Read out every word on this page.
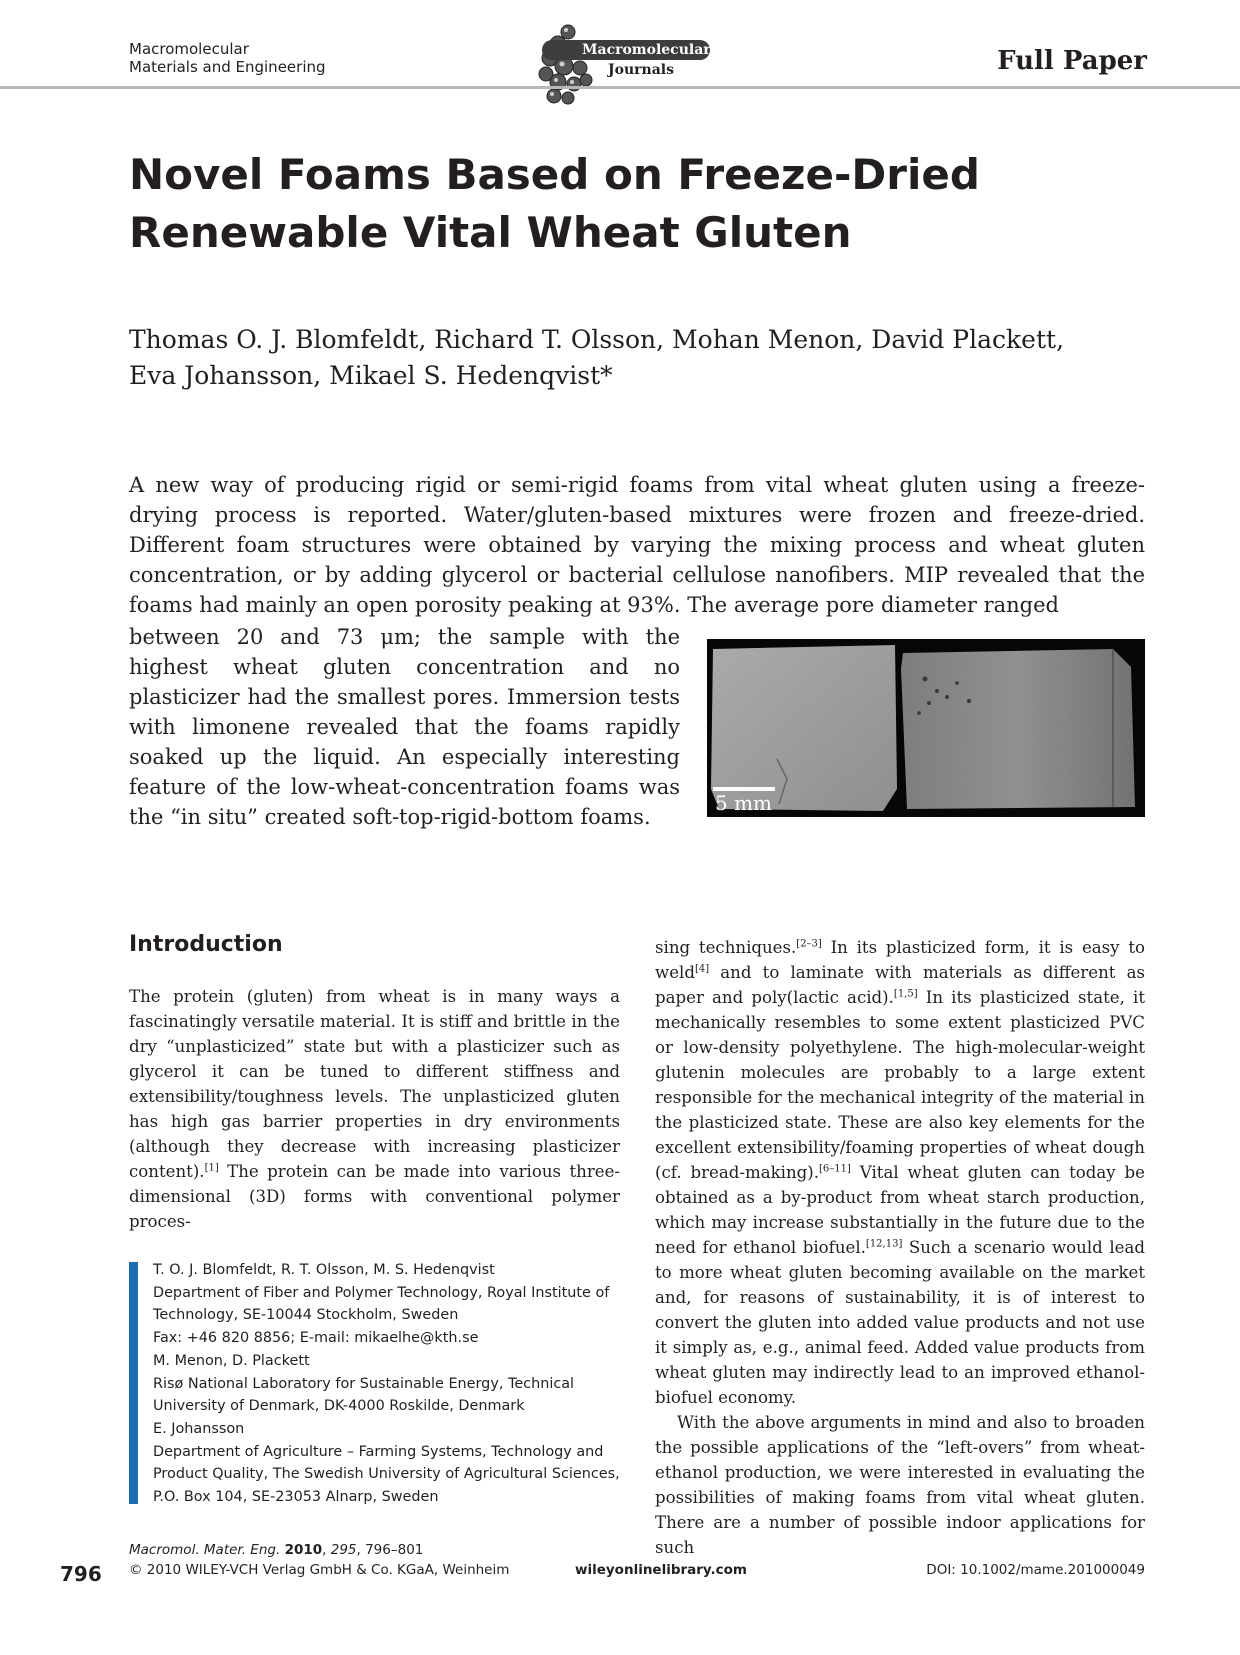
Macromolecular
Materials and Engineering
Macromolecular
Journals	Full Paper
Novel Foams Based on Freeze-Dried Renewable Vital Wheat Gluten
Thomas O. J. Blomfeldt, Richard T. Olsson, Mohan Menon, David Plackett,
Eva Johansson, Mikael S. Hedenqvist*
A new way of producing rigid or semi-rigid foams from vital wheat gluten using a freeze-drying process is reported. Water/gluten-based mixtures were frozen and freeze-dried. Different foam structures were obtained by varying the mixing process and wheat gluten concentration, or by adding glycerol or bacterial cellulose nanofibers. MIP revealed that the foams had mainly an open porosity peaking at 93%. The average pore diameter ranged
between 20 and 73 μm; the sample with the highest wheat gluten concentration and no plasticizer had the smallest pores. Immersion tests with limonene revealed that the foams rapidly soaked up the liquid. An especially interesting feature of the low-wheat-concentration foams was the “in situ” created soft-top-rigid-bottom foams.
5 mm
Introduction

The protein (gluten) from wheat is in many ways a fascinatingly versatile material. It is stiff and brittle in the dry “unplasticized” state but with a plasticizer such as glycerol it can be tuned to different stiffness and extensibility/toughness levels. The unplasticized gluten has high gas barrier properties in dry environments (although they decrease with increasing plasticizer content).[1] The protein can be made into various three-dimensional (3D) forms with conventional polymer proces-

sing techniques.[2–3] In its plasticized form, it is easy to weld[4] and to laminate with materials as different as paper and poly(lactic acid).[1,5] In its plasticized state, it mechanically resembles to some extent plasticized PVC or low-density polyethylene. The high-molecular-weight glutenin molecules are probably to a large extent responsible for the mechanical integrity of the material in the plasticized state. These are also key elements for the excellent extensibility/foaming properties of wheat dough (cf. bread-making).[6–11] Vital wheat gluten can today be obtained as a by-product from wheat starch production, which may increase substantially in the future due to the need for ethanol biofuel.[12,13] Such a scenario would lead to more wheat gluten becoming available on the market and, for reasons of sustainability, it is of interest to convert the gluten into added value products and not use it simply as, e.g., animal feed. Added value products from wheat gluten may indirectly lead to an improved ethanol-biofuel economy.

With the above arguments in mind and also to broaden the possible applications of the “left-overs” from wheat-ethanol production, we were interested in evaluating the possibilities of making foams from vital wheat gluten. There are a number of possible indoor applications for such

T. O. J. Blomfeldt, R. T. Olsson, M. S. Hedenqvist
Department of Fiber and Polymer Technology, Royal Institute of
Technology, SE-10044 Stockholm, Sweden
Fax: +46 820 8856; E-mail: mikaelhe@kth.se
M. Menon, D. Plackett
Risø National Laboratory for Sustainable Energy, Technical
University of Denmark, DK-4000 Roskilde, Denmark
E. Johansson
Department of Agriculture – Farming Systems, Technology and
Product Quality, The Swedish University of Agricultural Sciences,
P.O. Box 104, SE-23053 Alnarp, Sweden
796
Macromol. Mater. Eng. 2010, 295, 796–801
© 2010 WILEY-VCH Verlag GmbH & Co. KGaA, Weinheim	wileyonlinelibrary.com	DOI: 10.1002/mame.201000049
